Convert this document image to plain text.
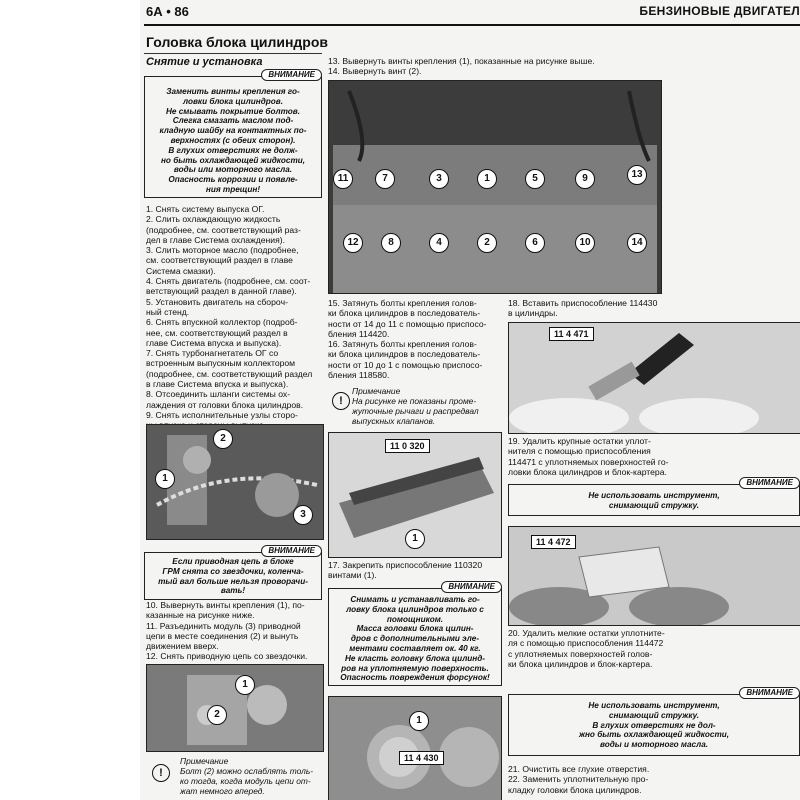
6А • 86	БЕНЗИНОВЫЕ ДВИГАТЕЛ
Головка блока цилиндров
Снятие и установка
ВНИМАНИЕ

Заменить винты крепления го-

ловки блока цилиндров.

Не смывать покрытие болтов.

Слегка смазать маслом под-

кладную шайбу на контактных по-

верхностях (с обеих сторон).

В глухих отверстиях не долж-

но быть охлаждающей жидкости,

воды или моторного масла.

Опасность коррозии и появле-

ния трещин!

1. Снять систему выпуска ОГ.

2. Слить охлаждающую жидкость

(подробнее, см. соответствующий раз-

дел в главе Система охлаждения).

3. Слить моторное масло (подробнее,

см. соответствующий раздел в главе

Система смазки).

4. Снять двигатель (подробнее, см. сoот-

ветствующий раздел в данной главе).

5. Установить двигатель на сборoч-

ный стенд.

6. Снять впускной коллектор (подроб-

нее, см. соответствующий раздел в

главе Система впуска и выпуска).

7. Снять турбонагнетатель ОГ со

встроенным выпускным коллектором

(подробнее, см. соответствующий раздел

в главе Система впуска и выпуска).

8. Отсоединить шланги системы ох-

лаждения от головки блока цилиндров.

9. Снять исполнительные узлы сторо-

2
1
3
ВНИМАНИЕ

Если приводная цепь в блоке

ГРМ снята со звездочки, коленча-

тый вал больше нельзя проворачи-

вать!

10. Вывернуть винты крепления (1), по-

казанные на рисунке ниже.

11. Разъединить модуль (3) приводной

цепи в месте соединения (2) и вынуть

движением вверх.

12. Снять приводную цепь со звездочки.

1
2
Примечание
Болт (2) можно ослаблять толь-
ко тогда, когда модуль цепи от-
жат немного вперед.
!

13. Вывернуть винты крепления (1), показанные на рисунке выше.

14. Вывернуть винт (2).

11	7	3	1	5	9	13
12	8	4	2	6	10	14

15. Затянуть болты крепления голов-

ки блока цилиндров в последователь-

ности от 14 до 11 с помощью приспосо-

бления 114420.

16. Затянуть болты крепления голов-

ки блока цилиндров в последователь-

ности от 10 до 1 с помощью приспосо-

бления 118580.

Примечание
На рисунке не показаны проме-
жуточные рычаги и распредвал
выпускных клапанов.
!
11 0 320
1

17. Закрепить приспособление 110320

винтами (1).

ВНИМАНИЕ

Снимать и устанавливать го-

ловку блока цилиндров только с

помощником.

Масса головки блока цилин-

дров с дополнительными элe-

ментами составляет ок. 40 кг.

Не класть головку блока цилинд-

ров на уплотняемую поверхность.

Опасность повреждения форсунок!

11 4 430
1

18. Вставить приспособление 114430

в цилиндры.

11 4 471

19. Удалить крупные остатки уплот-

нителя с помощью приспособления

114471 с уплотняемых поверхностей го-

ловки блока цилиндров и блок-картера.

ВНИМАНИЕ

Не использовать инструмент,

снимающий стружку.

11 4 472

20. Удалить мелкие остатки уплотните-

ля с помощью приспособления 114472

с уплотняемых поверхностей голов-

ки блока цилиндров и блок-картера.

ВНИМАНИЕ

Не использовать инструмент,

снимающий стружку.

В глухих отверстиях не дол-

жно быть охлаждающей жидкости,

воды и моторного масла.

21. Очистить все глухие отверстия.

22. Заменить уплотнительную про-

кладку головки блока цилиндров.
